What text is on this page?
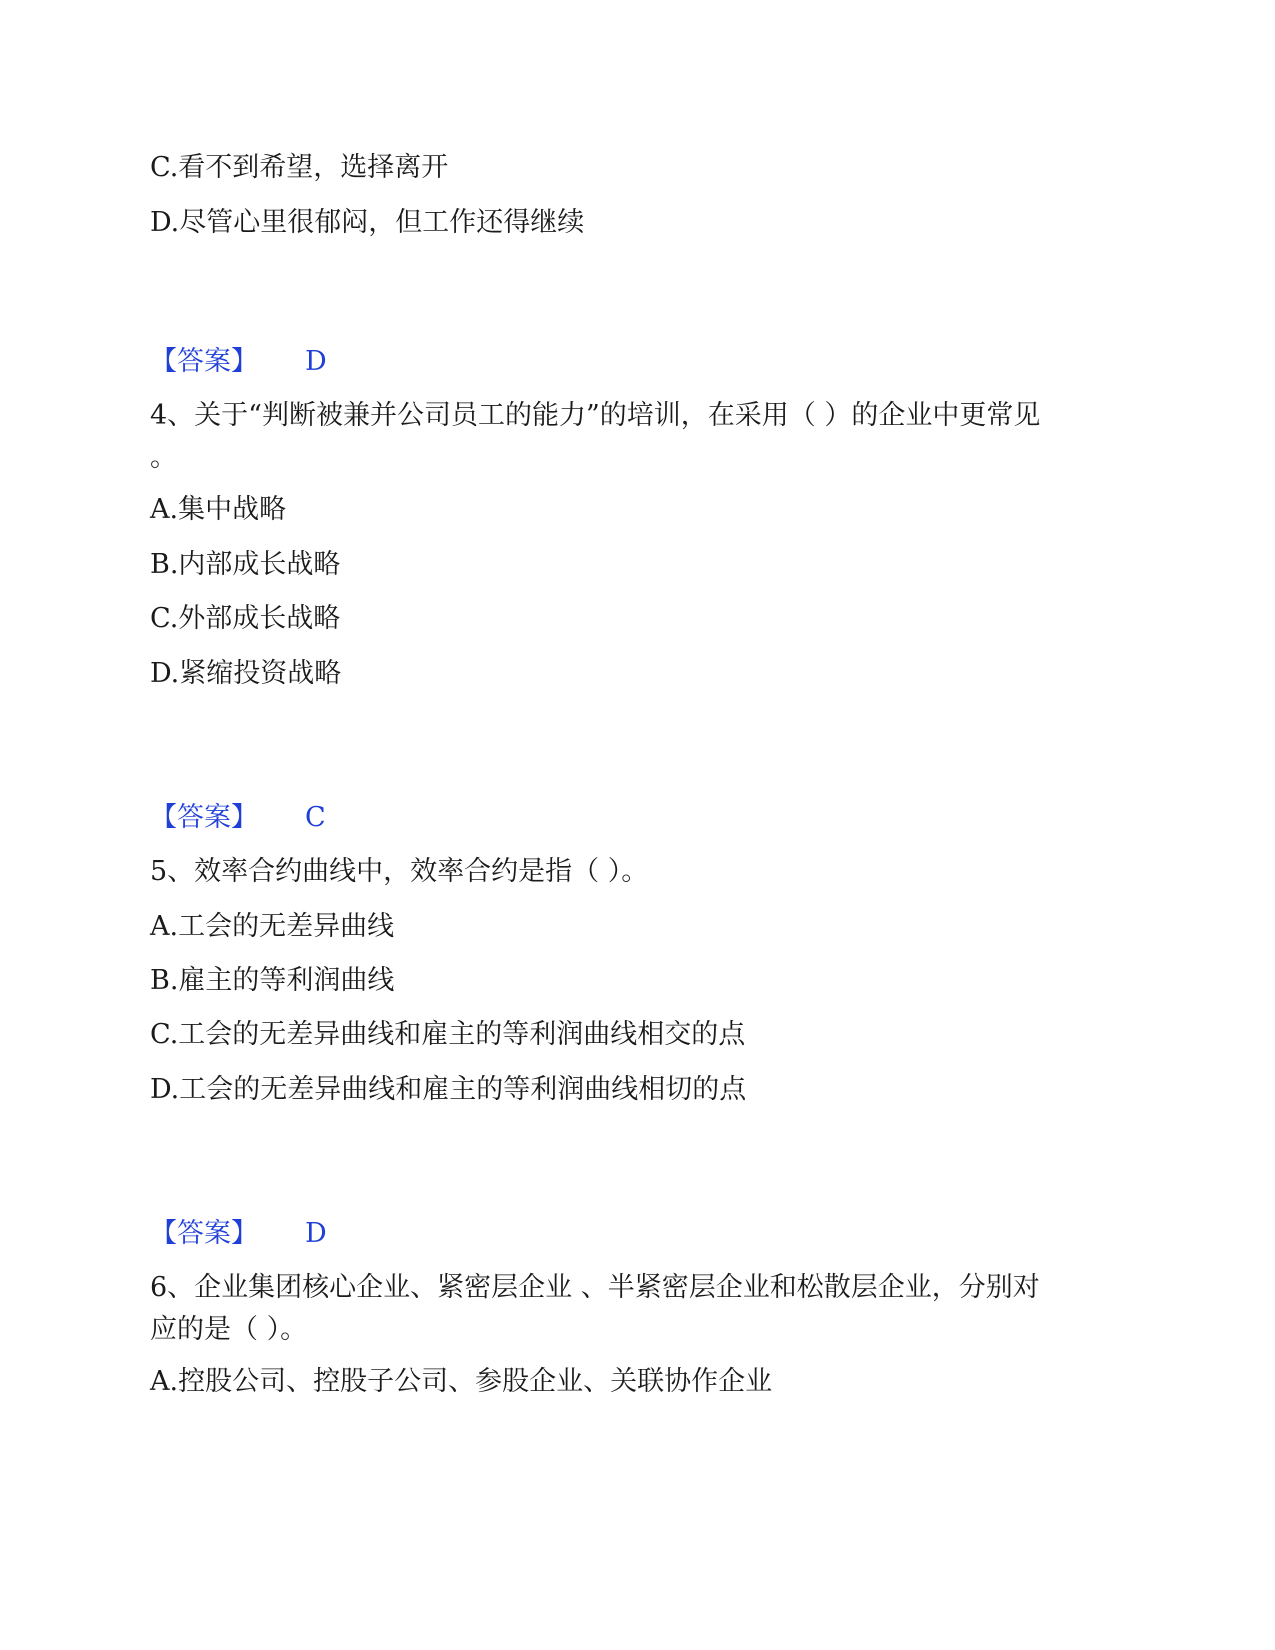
C.看不到希望，选择离开
D.尽管心里很郁闷，但工作还得继续
【答案】 D
4、关于“判断被兼并公司员工的能力”的培训，在采用（ ）的企业中更常见
。
A.集中战略
B.内部成长战略
C.外部成长战略
D.紧缩投资战略
【答案】 C
5、效率合约曲线中，效率合约是指（ ）。
A.工会的无差异曲线
B.雇主的等利润曲线
C.工会的无差异曲线和雇主的等利润曲线相交的点
D.工会的无差异曲线和雇主的等利润曲线相切的点
【答案】 D
6、企业集团核心企业、紧密层企业 、半紧密层企业和松散层企业，分别对
应的是（ ）。
A.控股公司、控股子公司、参股企业、关联协作企业
